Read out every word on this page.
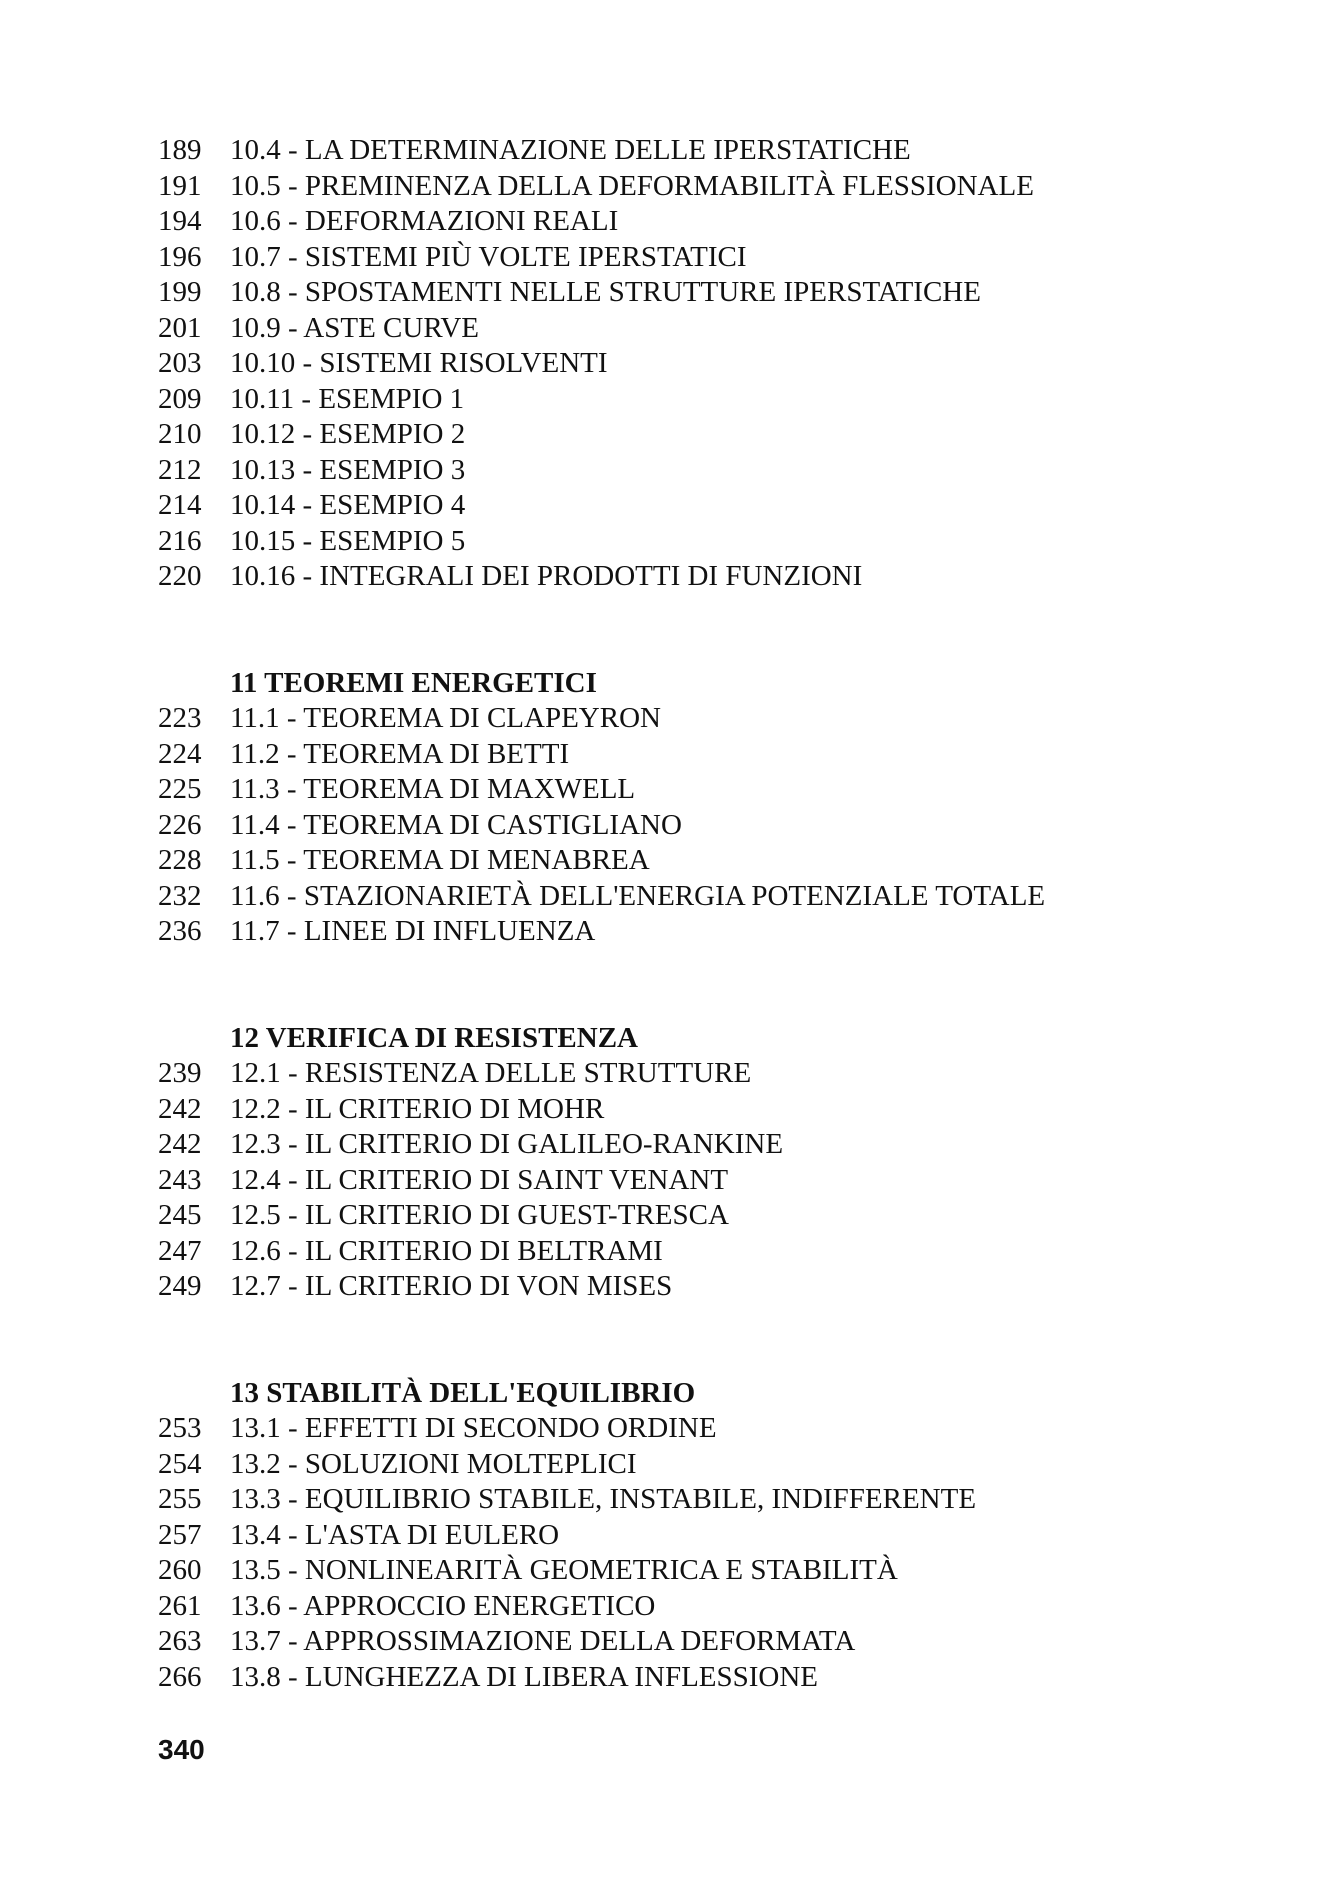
189 10.4 - LA DETERMINAZIONE DELLE IPERSTATICHE
191 10.5 - PREMINENZA DELLA DEFORMABILITÀ FLESSIONALE
194 10.6 - DEFORMAZIONI REALI
196 10.7 - SISTEMI PIÙ VOLTE IPERSTATICI
199 10.8 - SPOSTAMENTI NELLE STRUTTURE IPERSTATICHE
201 10.9 - ASTE CURVE
203 10.10 - SISTEMI RISOLVENTI
209 10.11 - ESEMPIO 1
210 10.12 - ESEMPIO 2
212 10.13 - ESEMPIO 3
214 10.14 - ESEMPIO 4
216 10.15 - ESEMPIO 5
220 10.16 - INTEGRALI DEI PRODOTTI DI FUNZIONI
11 TEOREMI ENERGETICI
223 11.1 - TEOREMA DI CLAPEYRON
224 11.2 - TEOREMA DI BETTI
225 11.3 - TEOREMA DI MAXWELL
226 11.4 - TEOREMA DI CASTIGLIANO
228 11.5 - TEOREMA DI MENABREA
232 11.6 - STAZIONARIETÀ DELL'ENERGIA POTENZIALE TOTALE
236 11.7 - LINEE DI INFLUENZA
12 VERIFICA DI RESISTENZA
239 12.1 - RESISTENZA DELLE STRUTTURE
242 12.2 - IL CRITERIO DI MOHR
242 12.3 - IL CRITERIO DI GALILEO-RANKINE
243 12.4 - IL CRITERIO DI SAINT VENANT
245 12.5 - IL CRITERIO DI GUEST-TRESCA
247 12.6 - IL CRITERIO DI BELTRAMI
249 12.7 - IL CRITERIO DI VON MISES
13 STABILITÀ DELL'EQUILIBRIO
253 13.1 - EFFETTI DI SECONDO ORDINE
254 13.2 - SOLUZIONI MOLTEPLICI
255 13.3 - EQUILIBRIO STABILE, INSTABILE, INDIFFERENTE
257 13.4 - L'ASTA DI EULERO
260 13.5 - NONLINEARITÀ GEOMETRICA E STABILITÀ
261 13.6 - APPROCCIO ENERGETICO
263 13.7 - APPROSSIMAZIONE DELLA DEFORMATA
266 13.8 - LUNGHEZZA DI LIBERA INFLESSIONE
340
